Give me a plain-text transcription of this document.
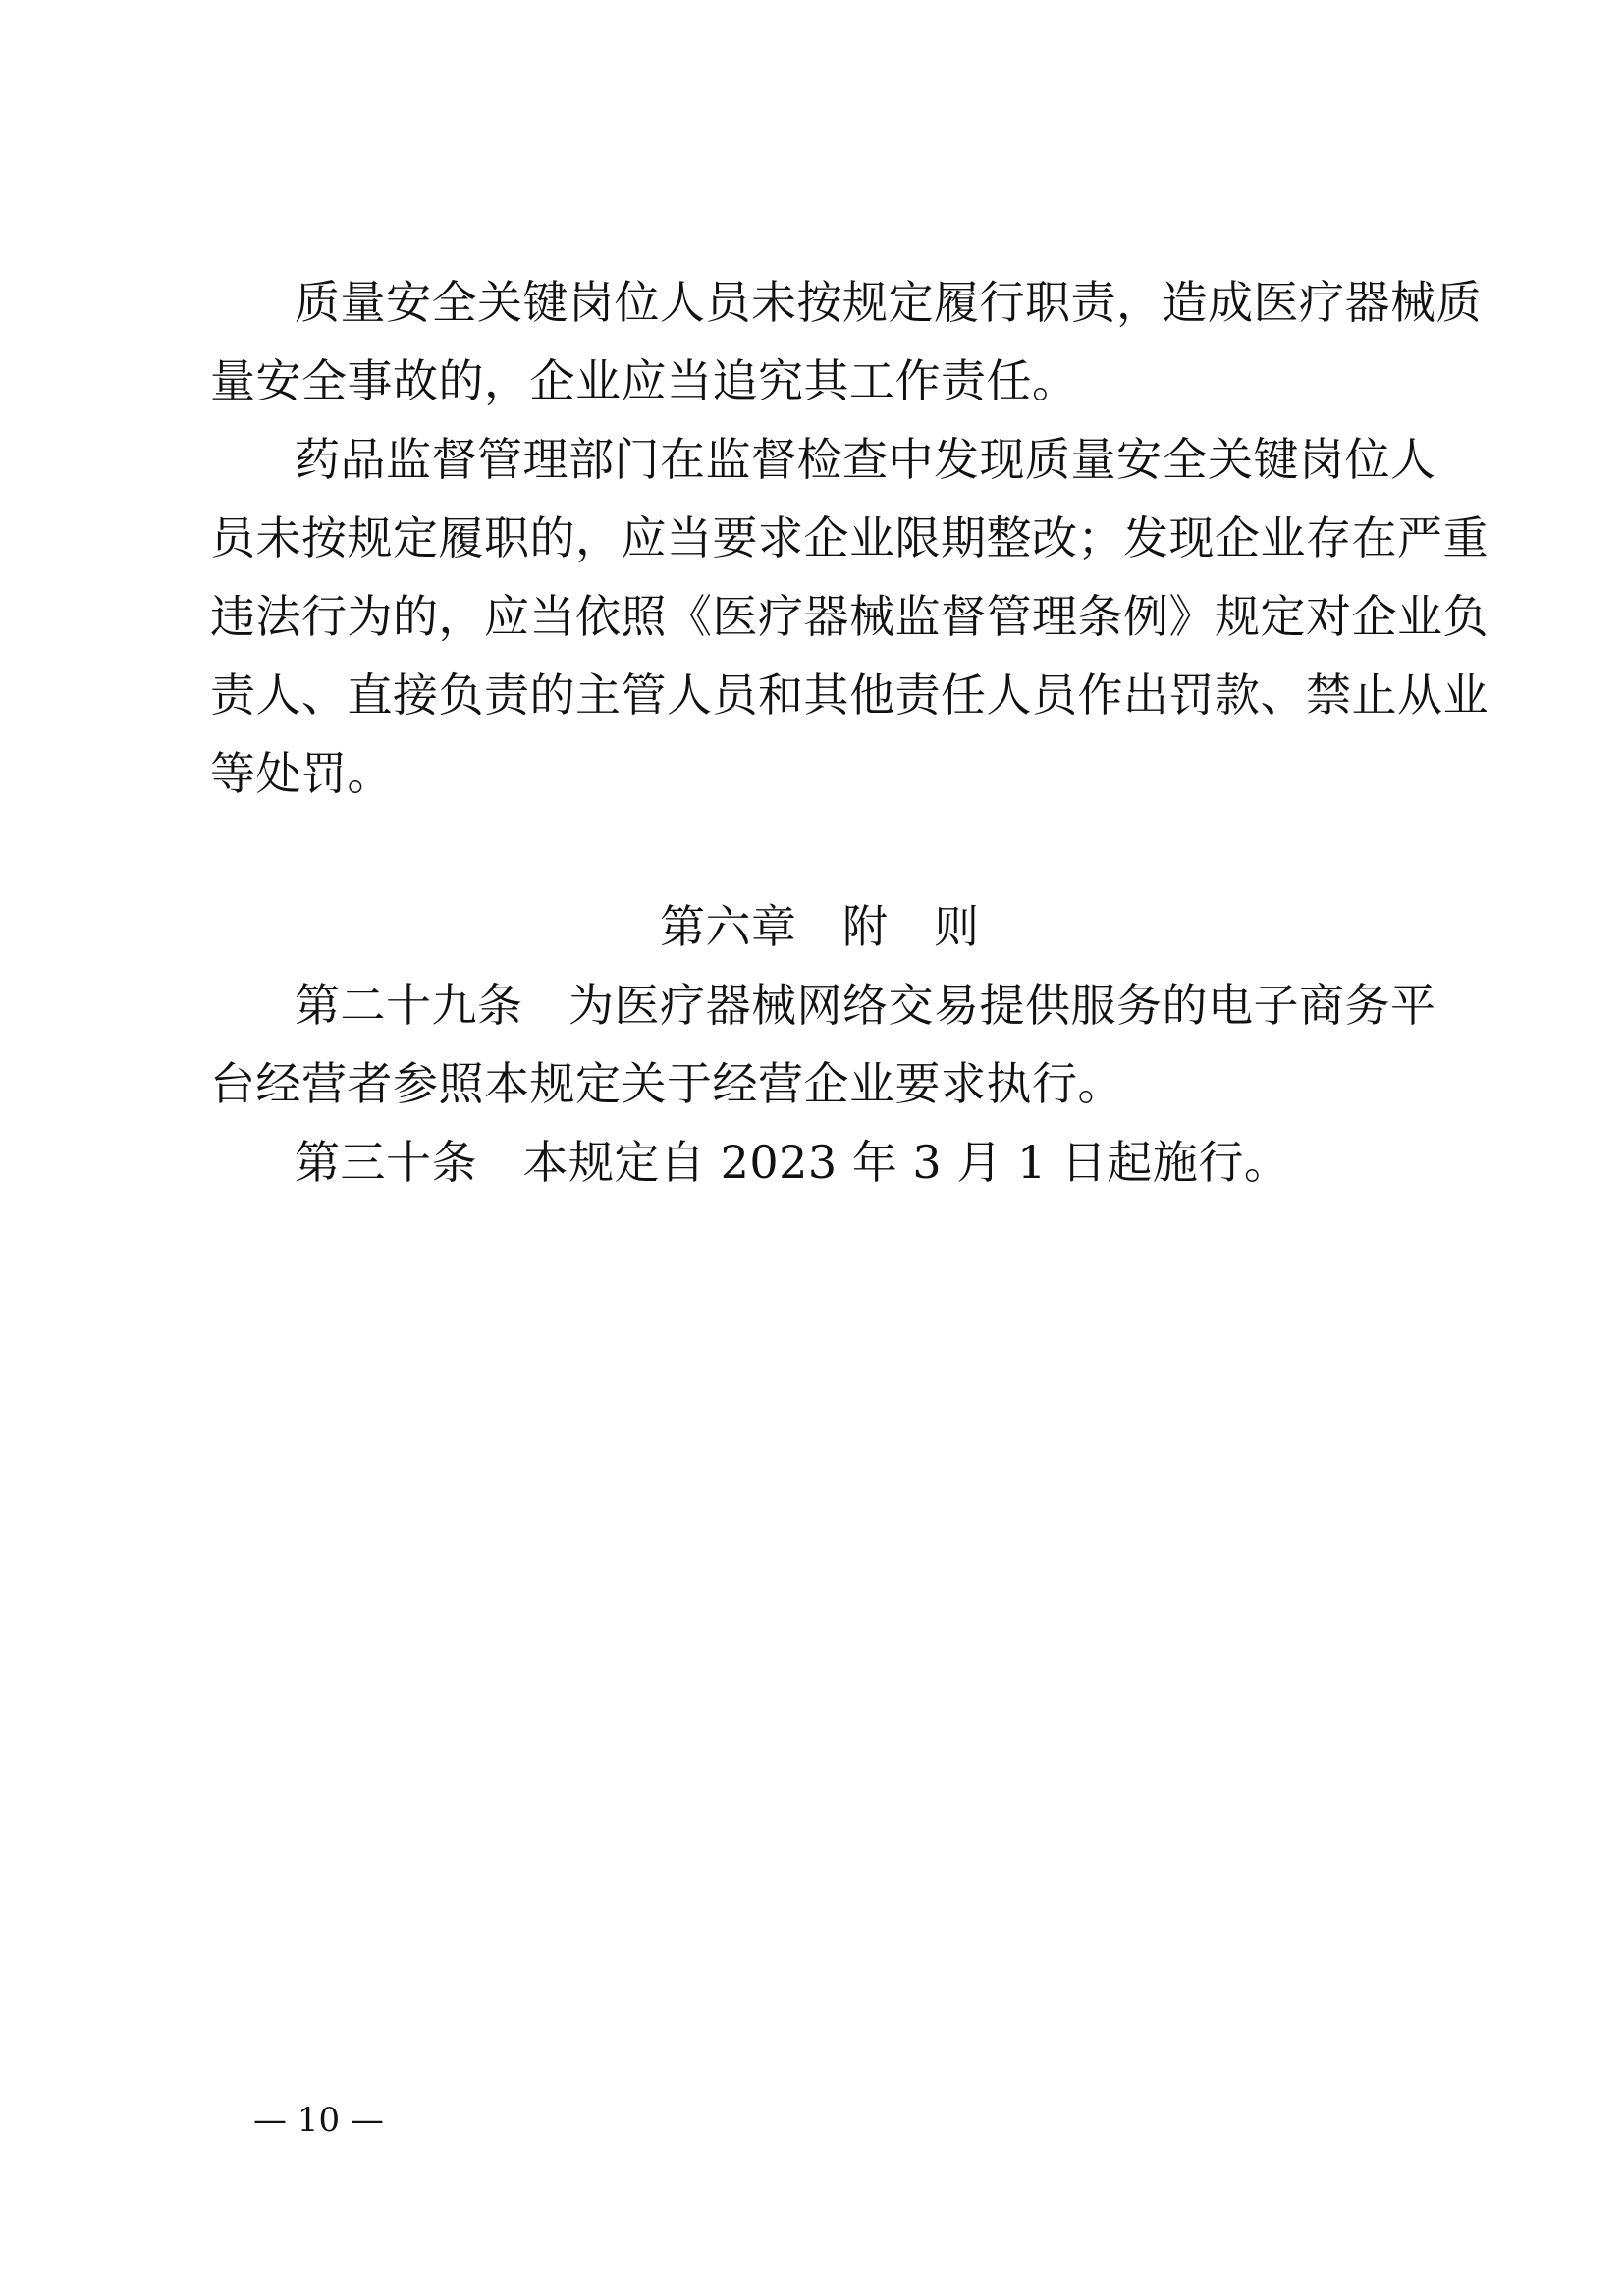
质量安全关键岗位人员未按规定履行职责，造成医疗器械质
量安全事故的，企业应当追究其工作责任。
药品监督管理部门在监督检查中发现质量安全关键岗位人
员未按规定履职的，应当要求企业限期整改；发现企业存在严重
违法行为的，应当依照《医疗器械监督管理条例》规定对企业负
责人、直接负责的主管人员和其他责任人员作出罚款、禁止从业
等处罚。
第六章　附　则
第二十九条　为医疗器械网络交易提供服务的电子商务平
台经营者参照本规定关于经营企业要求执行。
第三十条　本规定自 2023 年 3 月 1 日起施行。
— 10 —
